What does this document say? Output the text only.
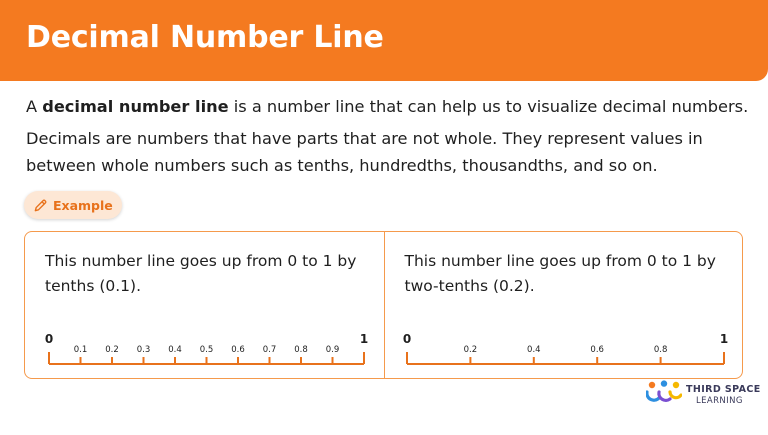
Decimal Number Line

A decimal number line is a number line that can help us to visualize decimal numbers.

Decimals are numbers that have parts that are not whole. They represent values in between whole numbers such as tenths, hundredths, thousandths, and so on.

Example
This number line goes up from 0 to 1 by tenths (0.1).
0	1
0.1 0.2 0.3 0.4 0.5 0.6 0.7 0.8 0.9
This number line goes up from 0 to 1 by two-tenths (0.2).
0	1
0.2	0.4	0.6	0.8
THIRD SPACE
LEARNING
